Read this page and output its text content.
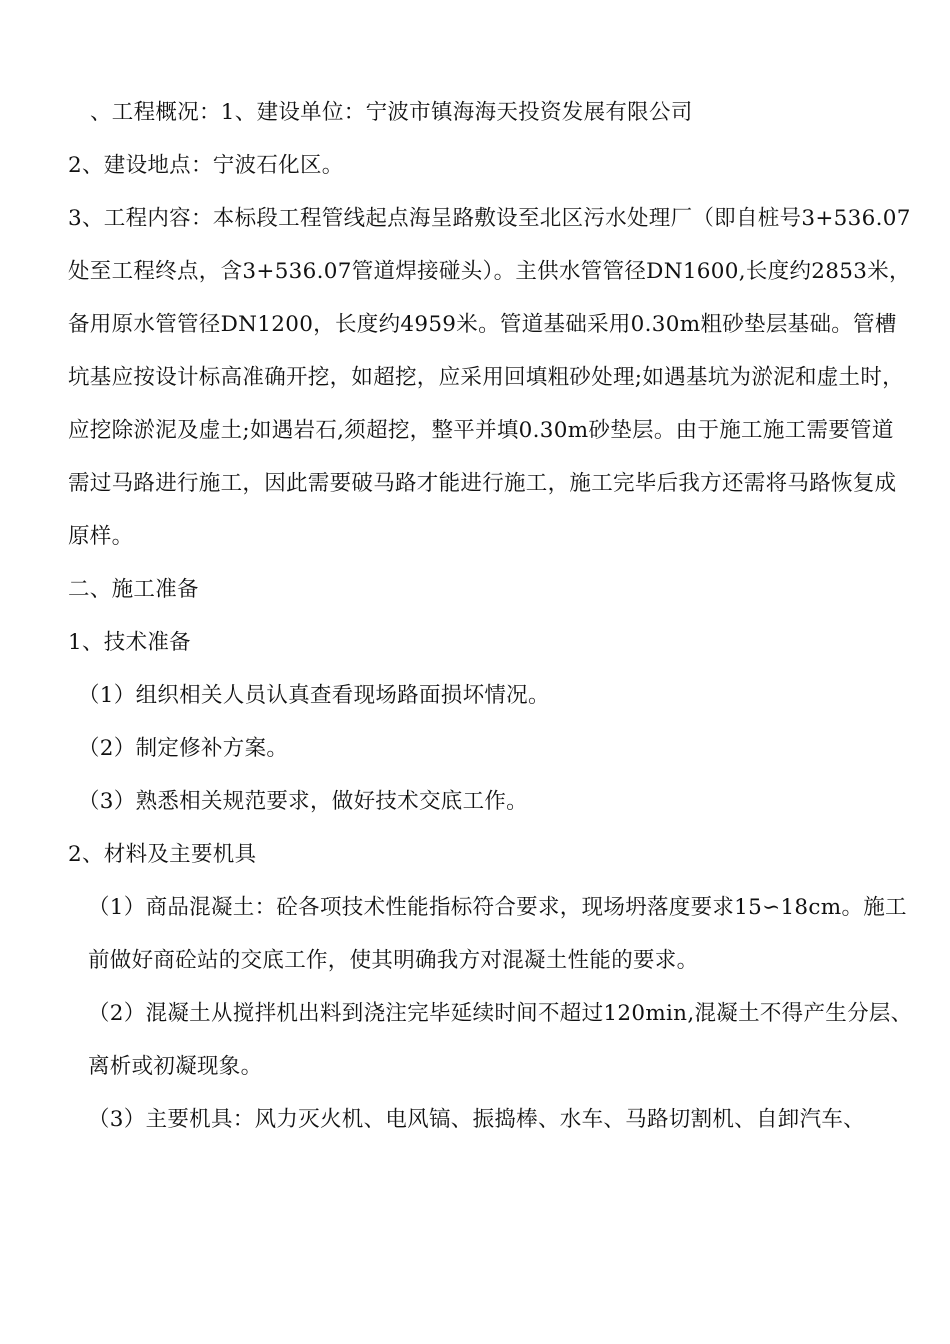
、工程概况：1、建设单位：宁波市镇海海天投资发展有限公司

2、建设地点：宁波石化区。

3、工程内容：本标段工程管线起点海呈路敷设至北区污水处理厂（即自桩号3+536.07处至工程终点，含3+536.07管道焊接碰头）。主供水管管径DN1600,长度约2853米，备用原水管管径DN1200，长度约4959米。管道基础采用0.30m粗砂垫层基础。管槽坑基应按设计标高准确开挖，如超挖，应采用回填粗砂处理;如遇基坑为淤泥和虚土时，应挖除淤泥及虚土;如遇岩石,须超挖，整平并填0.30m砂垫层。由于施工施工需要管道需过马路进行施工，因此需要破马路才能进行施工，施工完毕后我方还需将马路恢复成原样。

二、施工准备

1、技术准备

（1）组织相关人员认真查看现场路面损坏情况。

（2）制定修补方案。

（3）熟悉相关规范要求，做好技术交底工作。

2、材料及主要机具

（1）商品混凝土：砼各项技术性能指标符合要求，现场坍落度要求15∽18cm。施工前做好商砼站的交底工作，使其明确我方对混凝土性能的要求。

（2）混凝土从搅拌机出料到浇注完毕延续时间不超过120min,混凝土不得产生分层、离析或初凝现象。

（3）主要机具：风力灭火机、电风镐、振捣棒、水车、马路切割机、自卸汽车、
